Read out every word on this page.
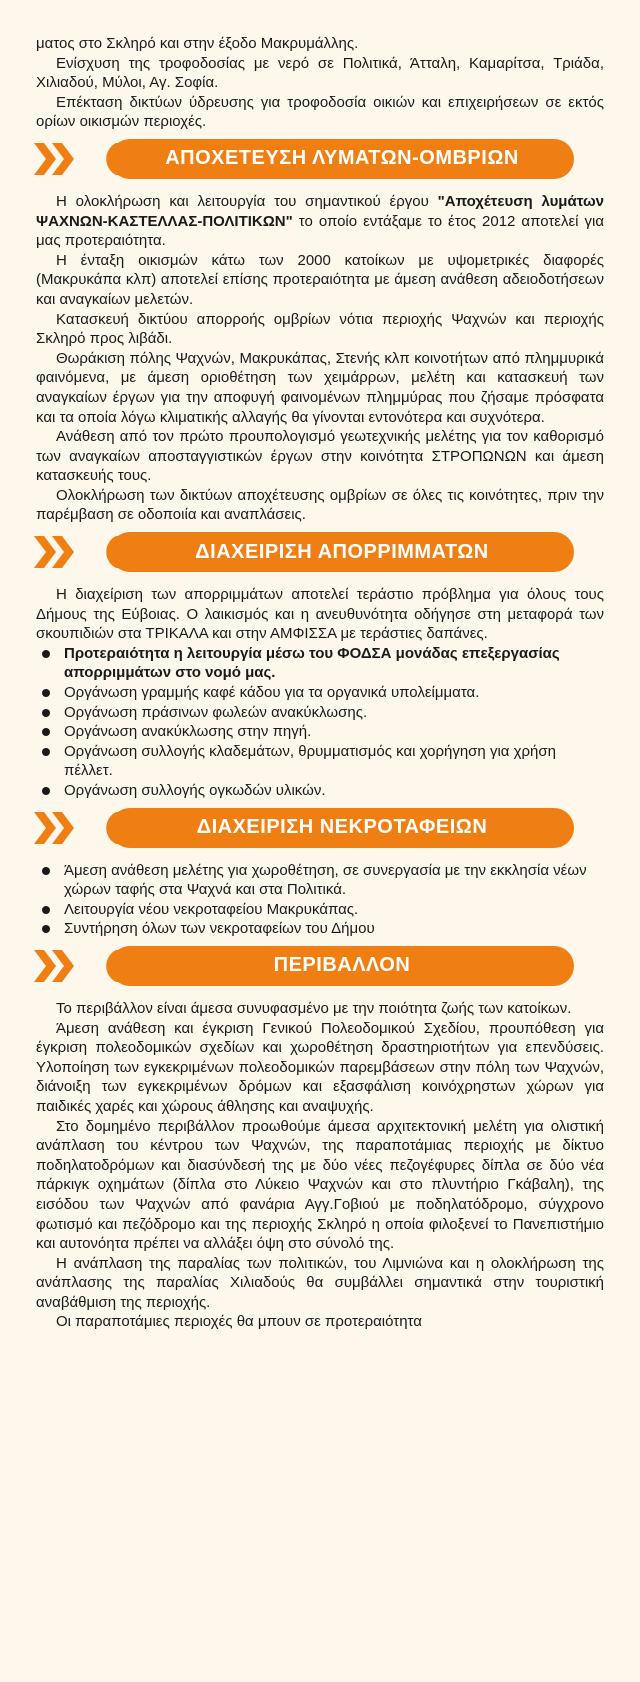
ματος στο Σκληρό και στην έξοδο Μακρυμάλλης.

Ενίσχυση της τροφοδοσίας με νερό σε Πολιτικά, Άτταλη, Καμαρίτσα, Τριάδα, Χιλιαδού, Μύλοι, Αγ. Σοφία.

Επέκταση δικτύων ύδρευσης για τροφοδοσία οικιών και επιχειρήσεων σε εκτός ορίων οικισμών περιοχές.

ΑΠΟΧΕΤΕΥΣΗ ΛΥΜΑΤΩΝ-ΟΜΒΡΙΩΝ

Η ολοκλήρωση και λειτουργία του σημαντικού έργου "Αποχέτευση λυμάτων ΨΑΧΝΩΝ-ΚΑΣΤΕΛΛΑΣ-ΠΟΛΙΤΙΚΩΝ" το οποίο εντάξαμε το έτος 2012 αποτελεί για μας προτεραιότητα.

Η ένταξη οικισμών κάτω των 2000 κατοίκων με υψομετρικές διαφορές (Μακρυκάπα κλπ) αποτελεί επίσης προτεραιότητα με άμεση ανάθεση αδειοδοτήσεων και αναγκαίων μελετών.

Κατασκευή δικτύου απορροής ομβρίων νότια περιοχής Ψαχνών και περιοχής Σκληρό προς λιβάδι.

Θωράκιση πόλης Ψαχνών, Μακρυκάπας, Στενής κλπ κοινοτήτων από πλημμυρικά φαινόμενα, με άμεση οριοθέτηση των χειμάρρων, μελέτη και κατασκευή των αναγκαίων έργων για την αποφυγή φαινομένων πλημμύρας που ζήσαμε πρόσφατα και τα οποία λόγω κλιματικής αλλαγής θα γίνονται εντονότερα και συχνότερα.

Ανάθεση από τον πρώτο προυπολογισμό γεωτεχνικής μελέτης για τον καθορισμό των αναγκαίων αποσταγγιστικών έργων στην κοινότητα ΣΤΡΟΠΩΝΩΝ και άμεση κατασκευής τους.

Ολοκλήρωση των δικτύων αποχέτευσης ομβρίων σε όλες τις κοινότητες, πριν την παρέμβαση σε οδοποιία και αναπλάσεις.

ΔΙΑΧΕΙΡΙΣΗ ΑΠΟΡΡΙΜΜΑΤΩΝ

Η διαχείριση των απορριμμάτων αποτελεί τεράστιο πρόβλημα για όλους τους Δήμους της Εύβοιας. Ο λαικισμός και η ανευθυνότητα οδήγησε στη μεταφορά των σκουπιδιών στα ΤΡΙΚΑΛΑ και στην ΑΜΦΙΣΣΑ με τεράστιες δαπάνες.

Προτεραιότητα η λειτουργία μέσω του ΦΟΔΣΑ μονάδας επεξεργασίας απορριμμάτων στο νομό μας.
Οργάνωση γραμμής καφέ κάδου για τα οργανικά υπολείμματα.
Οργάνωση πράσινων φωλεών ανακύκλωσης.
Οργάνωση ανακύκλωσης στην πηγή.
Οργάνωση συλλογής κλαδεμάτων, θρυμματισμός και χορήγηση για χρήση πέλλετ.
Οργάνωση συλλογής ογκωδών υλικών.
ΔΙΑΧΕΙΡΙΣΗ ΝΕΚΡΟΤΑΦΕΙΩΝ
Άμεση ανάθεση μελέτης για χωροθέτηση, σε συνεργασία με την εκκλησία νέων χώρων ταφής στα Ψαχνά και στα Πολιτικά.
Λειτουργία νέου νεκροταφείου Μακρυκάπας.
Συντήρηση όλων των νεκροταφείων του Δήμου
ΠΕΡΙΒΑΛΛΟΝ

Το περιβάλλον είναι άμεσα συνυφασμένο με την ποιότητα ζωής των κατοίκων.

Άμεση ανάθεση και έγκριση Γενικού Πολεοδομικού Σχεδίου, προυπόθεση για έγκριση πολεοδομικών σχεδίων και χωροθέτηση δραστηριοτήτων για επενδύσεις. Υλοποίηση των εγκεκριμένων πολεοδομικών παρεμβάσεων στην πόλη των Ψαχνών, διάνοιξη των εγκεκριμένων δρόμων και εξασφάλιση κοινόχρηστων χώρων για παιδικές χαρές και χώρους άθλησης και αναψυχής.

Στο δομημένο περιβάλλον προωθούμε άμεσα αρχιτεκτονική μελέτη για ολιστική ανάπλαση του κέντρου των Ψαχνών, της παραποτάμιας περιοχής με δίκτυο ποδηλατοδρόμων και διασύνδεσή της με δύο νέες πεζογέφυρες δίπλα σε δύο νέα πάρκιγκ οχημάτων (δίπλα στο Λύκειο Ψαχνών και στο πλυντήριο Γκάβαλη), της εισόδου των Ψαχνών από φανάρια Αγγ.Γοβιού με ποδηλατόδρομο, σύγχρονο φωτισμό και πεζόδρομο και της περιοχής Σκληρό η οποία φιλοξενεί το Πανεπιστήμιο και αυτονόητα πρέπει να αλλάξει όψη στο σύνολό της.

Η ανάπλαση της παραλίας των πολιτικών, του Λιμνιώνα και η ολοκλήρωση της ανάπλασης της παραλίας Χιλιαδούς θα συμβάλλει σημαντικά στην τουριστική αναβάθμιση της περιοχής.

Οι παραποτάμιες περιοχές θα μπουν σε προτεραιότητα
